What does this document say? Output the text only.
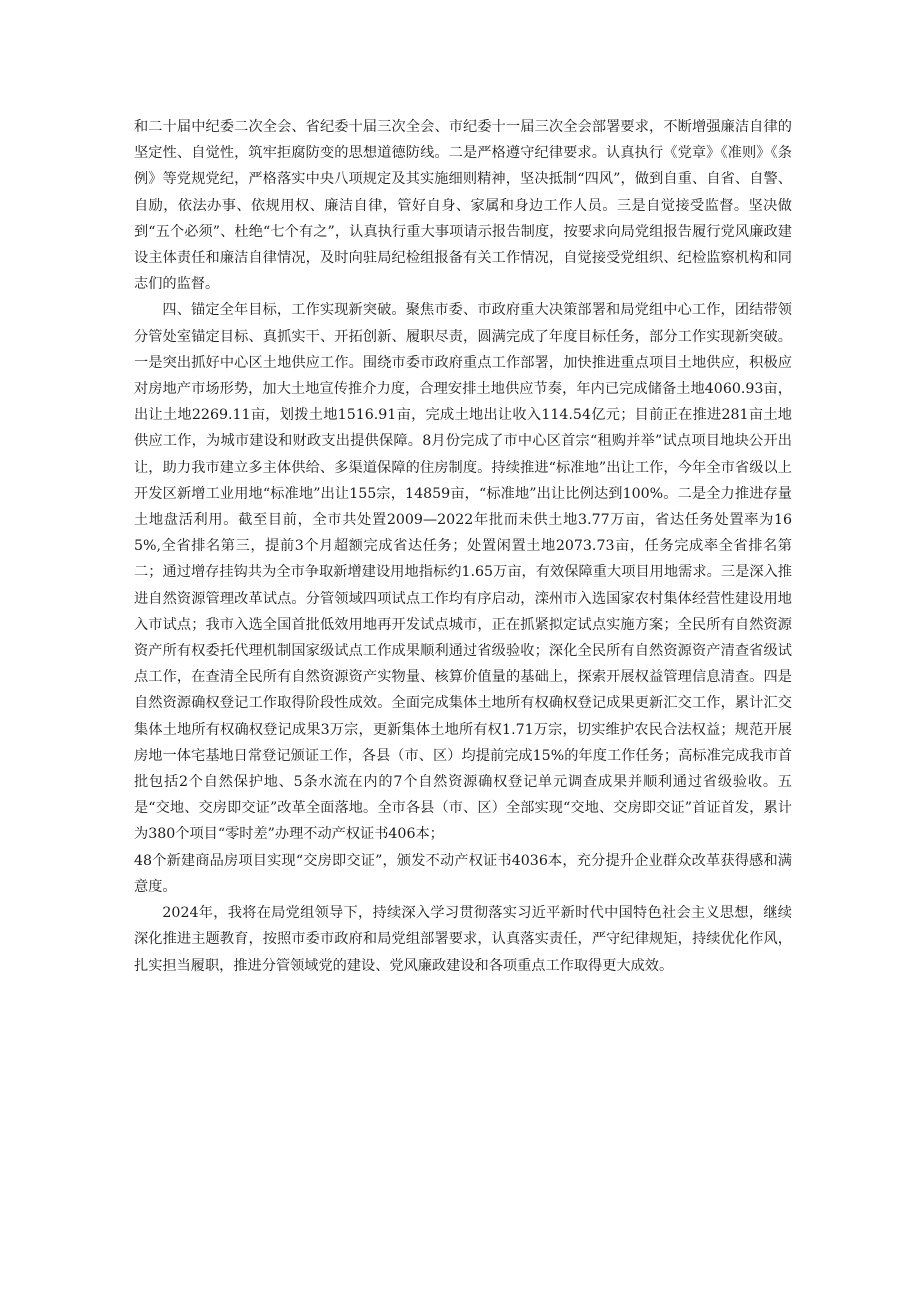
和二十届中纪委二次全会、省纪委十届三次全会、市纪委十一届三次全会部署要求，不断增强廉洁自律的坚定性、自觉性，筑牢拒腐防变的思想道德防线。二是严格遵守纪律要求。认真执行《党章》《准则》《条例》等党规党纪，严格落实中央八项规定及其实施细则精神，坚决抵制“四风”，做到自重、自省、自警、自励，依法办事、依规用权、廉洁自律，管好自身、家属和身边工作人员。三是自觉接受监督。坚决做到“五个必须”、杜绝“七个有之”，认真执行重大事项请示报告制度，按要求向局党组报告履行党风廉政建设主体责任和廉洁自律情况，及时向驻局纪检组报备有关工作情况，自觉接受党组织、纪检监察机构和同志们的监督。

四、锚定全年目标，工作实现新突破。聚焦市委、市政府重大决策部署和局党组中心工作，团结带领分管处室锚定目标、真抓实干、开拓创新、履职尽责，圆满完成了年度目标任务，部分工作实现新突破。一是突出抓好中心区土地供应工作。围绕市委市政府重点工作部署，加快推进重点项目土地供应，积极应对房地产市场形势，加大土地宣传推介力度，合理安排土地供应节奏，年内已完成储备土地4060.93亩，出让土地2269.11亩，划拨土地1516.91亩，完成土地出让收入114.54亿元；目前正在推进281亩土地供应工作，为城市建设和财政支出提供保障。8月份完成了市中心区首宗“租购并举”试点项目地块公开出让，助力我市建立多主体供给、多渠道保障的住房制度。持续推进“标准地”出让工作，今年全市省级以上开发区新增工业用地“标准地”出让155宗，14859亩，“标准地”出让比例达到100%。二是全力推进存量土地盘活利用。截至目前，全市共处置2009—2022年批而未供土地3.77万亩，省达任务处置率为165%,全省排名第三，提前3个月超额完成省达任务；处置闲置土地2073.73亩，任务完成率全省排名第二；通过增存挂钩共为全市争取新增建设用地指标约1.65万亩，有效保障重大项目用地需求。三是深入推进自然资源管理改革试点。分管领域四项试点工作均有序启动，滦州市入选国家农村集体经营性建设用地入市试点；我市入选全国首批低效用地再开发试点城市，正在抓紧拟定试点实施方案；全民所有自然资源资产所有权委托代理机制国家级试点工作成果顺利通过省级验收；深化全民所有自然资源资产清查省级试点工作，在查清全民所有自然资源资产实物量、核算价值量的基础上，探索开展权益管理信息清查。四是自然资源确权登记工作取得阶段性成效。全面完成集体土地所有权确权登记成果更新汇交工作，累计汇交集体土地所有权确权登记成果3万宗，更新集体土地所有权1.71万宗，切实维护农民合法权益；规范开展房地一体宅基地日常登记颁证工作，各县（市、区）均提前完成15%的年度工作任务；高标准完成我市首批包括2个自然保护地、5条水流在内的7个自然资源确权登记单元调查成果并顺利通过省级验收。五是“交地、交房即交证”改革全面落地。全市各县（市、区）全部实现“交地、交房即交证”首证首发，累计为380个项目“零时差”办理不动产权证书406本；

48个新建商品房项目实现“交房即交证”，颁发不动产权证书4036本，充分提升企业群众改革获得感和满意度。

2024年，我将在局党组领导下，持续深入学习贯彻落实习近平新时代中国特色社会主义思想，继续深化推进主题教育，按照市委市政府和局党组部署要求，认真落实责任，严守纪律规矩，持续优化作风，扎实担当履职，推进分管领域党的建设、党风廉政建设和各项重点工作取得更大成效。
